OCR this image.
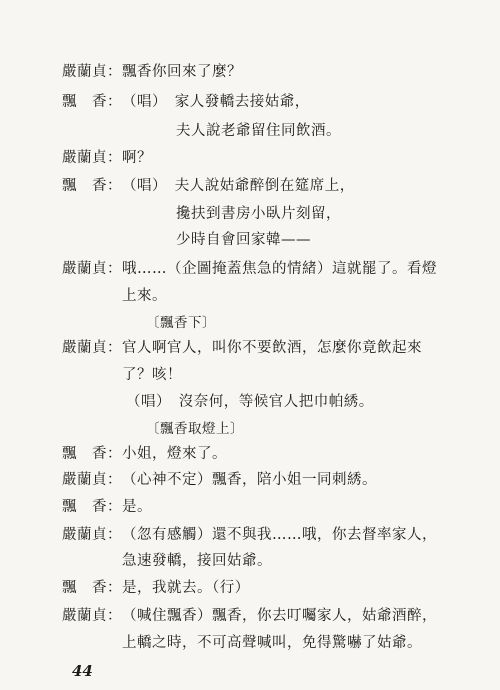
嚴蘭貞：飄香你回來了麼？
飄　香：（唱）　家人發轎去接姑爺，
夫人說老爺留住同飲酒。
嚴蘭貞：啊？
飄　香：（唱）　夫人說姑爺醉倒在筵席上，
攙扶到書房小臥片刻留，
少時自會回家韓——
嚴蘭貞：哦……（企圖掩蓋焦急的情緒）這就罷了。看燈
上來。
〔飄香下〕
嚴蘭貞：官人啊官人，叫你不要飲酒，怎麼你竟飲起來
了？咳！
（唱）　沒奈何，等候官人把巾帕綉。
〔飄香取燈上〕
飄　香：小姐，燈來了。
嚴蘭貞：（心神不定）飄香，陪小姐一同刺綉。
飄　香：是。
嚴蘭貞：（忽有感觸）還不與我……哦，你去督率家人，
急速發轎，接回姑爺。
飄　香：是，我就去。（行）
嚴蘭貞：（喊住飄香）飄香，你去叮囑家人，姑爺酒醉，
上轎之時，不可高聲喊叫，免得驚嚇了姑爺。
44
